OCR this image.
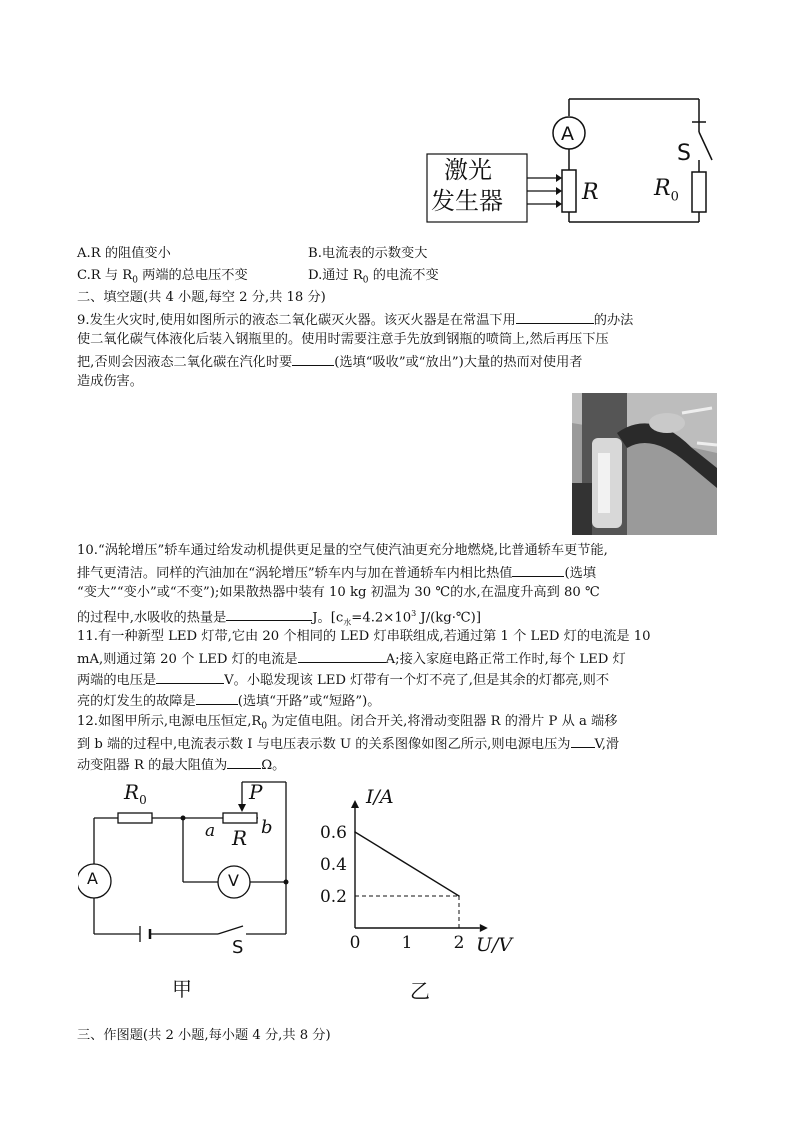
A
S
R	$R_0$
激光
发生器
A.R 的阻值变小	B.电流表的示数变大
C.R 与 $R_0$ 两端的总电压不变	D.通过 $R_0$ 的电流不变
二、填空题(共 4 小题,每空 2 分,共 18 分)
9.发生火灾时,使用如图所示的液态二氧化碳灭火器。该灭火器是在常温下用	的办法
使二氧化碳气体液化后装入钢瓶里的。使用时需要注意手先放到钢瓶的喷筒上,然后再压下压
把,否则会因液态二氧化碳在汽化时要	(选填“吸收”或“放出”)大量的热而对使用者
造成伤害。
10.“涡轮增压”轿车通过给发动机提供更足量的空气使汽油更充分地燃烧,比普通轿车更节能,
排气更清洁。同样的汽油加在“涡轮增压”轿车内与加在普通轿车内相比热值	(选填
“变大”“变小”或“不变”);如果散热器中装有 10 kg 初温为 30 ℃的水,在温度升高到 80 ℃
的过程中,水吸收的热量是	J。[$c_水=4.2\times 10^3$ J/(kg·℃)]
11.有一种新型 LED 灯带,它由 20 个相同的 LED 灯串联组成,若通过第 1 个 LED 灯的电流是 10
mA,则通过第 20 个 LED 灯的电流是	A;接入家庭电路正常工作时,每个 LED 灯
两端的电压是	V。小聪发现该 LED 灯带有一个灯不亮了,但是其余的灯都亮,则不
亮的灯发生的故障是	(选填“开路”或“短路”)。
12.如图甲所示,电源电压恒定$,R_0$ 为定值电阻。闭合开关,将滑动变阻器 R 的滑片 P 从 a 端移
到 b 端的过程中,电流表示数 I 与电压表示数 U 的关系图像如图乙所示,则电源电压为 V,滑
动变阻器 R 的最大阻值为	Ω。
$R_0$	P
a R b
A	V
S
甲
0.2
0.4
0.6
0 1 2
I/A
U/V
乙
三、作图题(共 2 小题,每小题 4 分,共 8 分)
